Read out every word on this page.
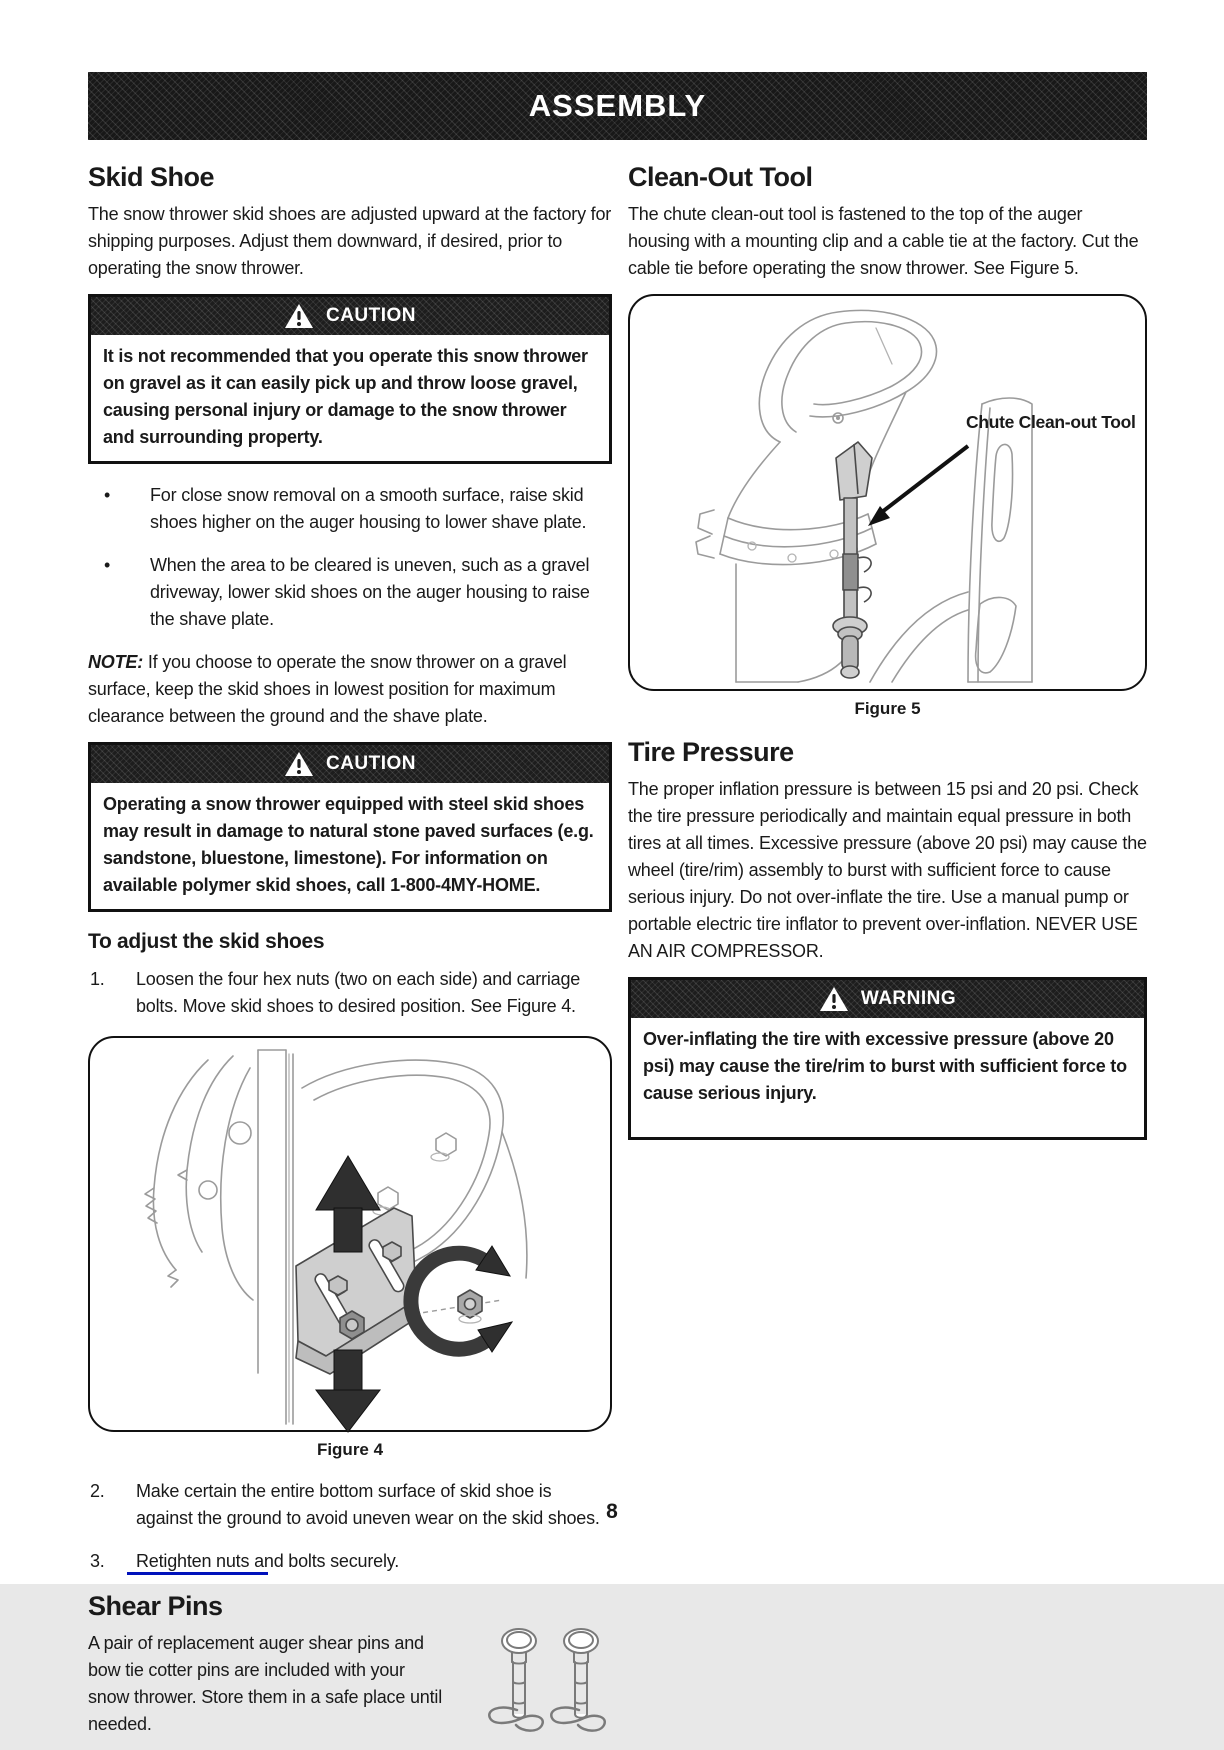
ASSEMBLY
Skid Shoe

The snow thrower skid shoes are adjusted upward at the factory for shipping purposes. Adjust them downward, if desired, prior to operating the snow thrower.

CAUTION
It is not recommended that you operate this snow thrower on gravel as it can easily pick up and throw loose gravel, causing personal injury or damage to the snow thrower and surrounding property.
•	For close snow removal on a smooth surface, raise skid shoes higher on the auger housing to lower shave plate.
•	When the area to be cleared is uneven, such as a gravel driveway, lower skid shoes on the auger housing to raise the shave plate.

NOTE: If you choose to operate the snow thrower on a gravel surface, keep the skid shoes in lowest position for maximum clearance between the ground and the shave plate.

CAUTION
Operating a snow thrower equipped with steel skid shoes may result in damage to natural stone paved surfaces (e.g. sandstone, bluestone, limestone). For information on available polymer skid shoes, call 1-800-4MY-HOME.
To adjust the skid shoes
1.	Loosen the four hex nuts (two on each side) and carriage bolts. Move skid shoes to desired position. See Figure 4.
Figure 4
2.	Make certain the entire bottom surface of skid shoe is against the ground to avoid uneven wear on the skid shoes.
3.	Retighten nuts and bolts securely.
Shear Pins

A pair of replacement auger shear pins and bow tie cotter pins are included with your snow thrower. Store them in a safe place until needed.

Clean-Out Tool

The chute clean-out tool is fastened to the top of the auger housing with a mounting clip and a cable tie at the factory. Cut the cable tie before operating the snow thrower. See Figure 5.

Chute Clean-out Tool
Figure 5
Tire Pressure

The proper inflation pressure is between 15 psi and 20 psi. Check the tire pressure periodically and maintain equal pressure in both tires at all times. Excessive pressure (above 20 psi) may cause the wheel (tire/rim) assembly to burst with sufficient force to cause serious injury. Do not over-inflate the tire. Use a manual pump or portable electric tire inflator to prevent over-inflation. NEVER USE AN AIR COMPRESSOR.

WARNING
Over-inflating the tire with excessive pressure (above 20 psi) may cause the tire/rim to burst with sufficient force to cause serious injury.
8
